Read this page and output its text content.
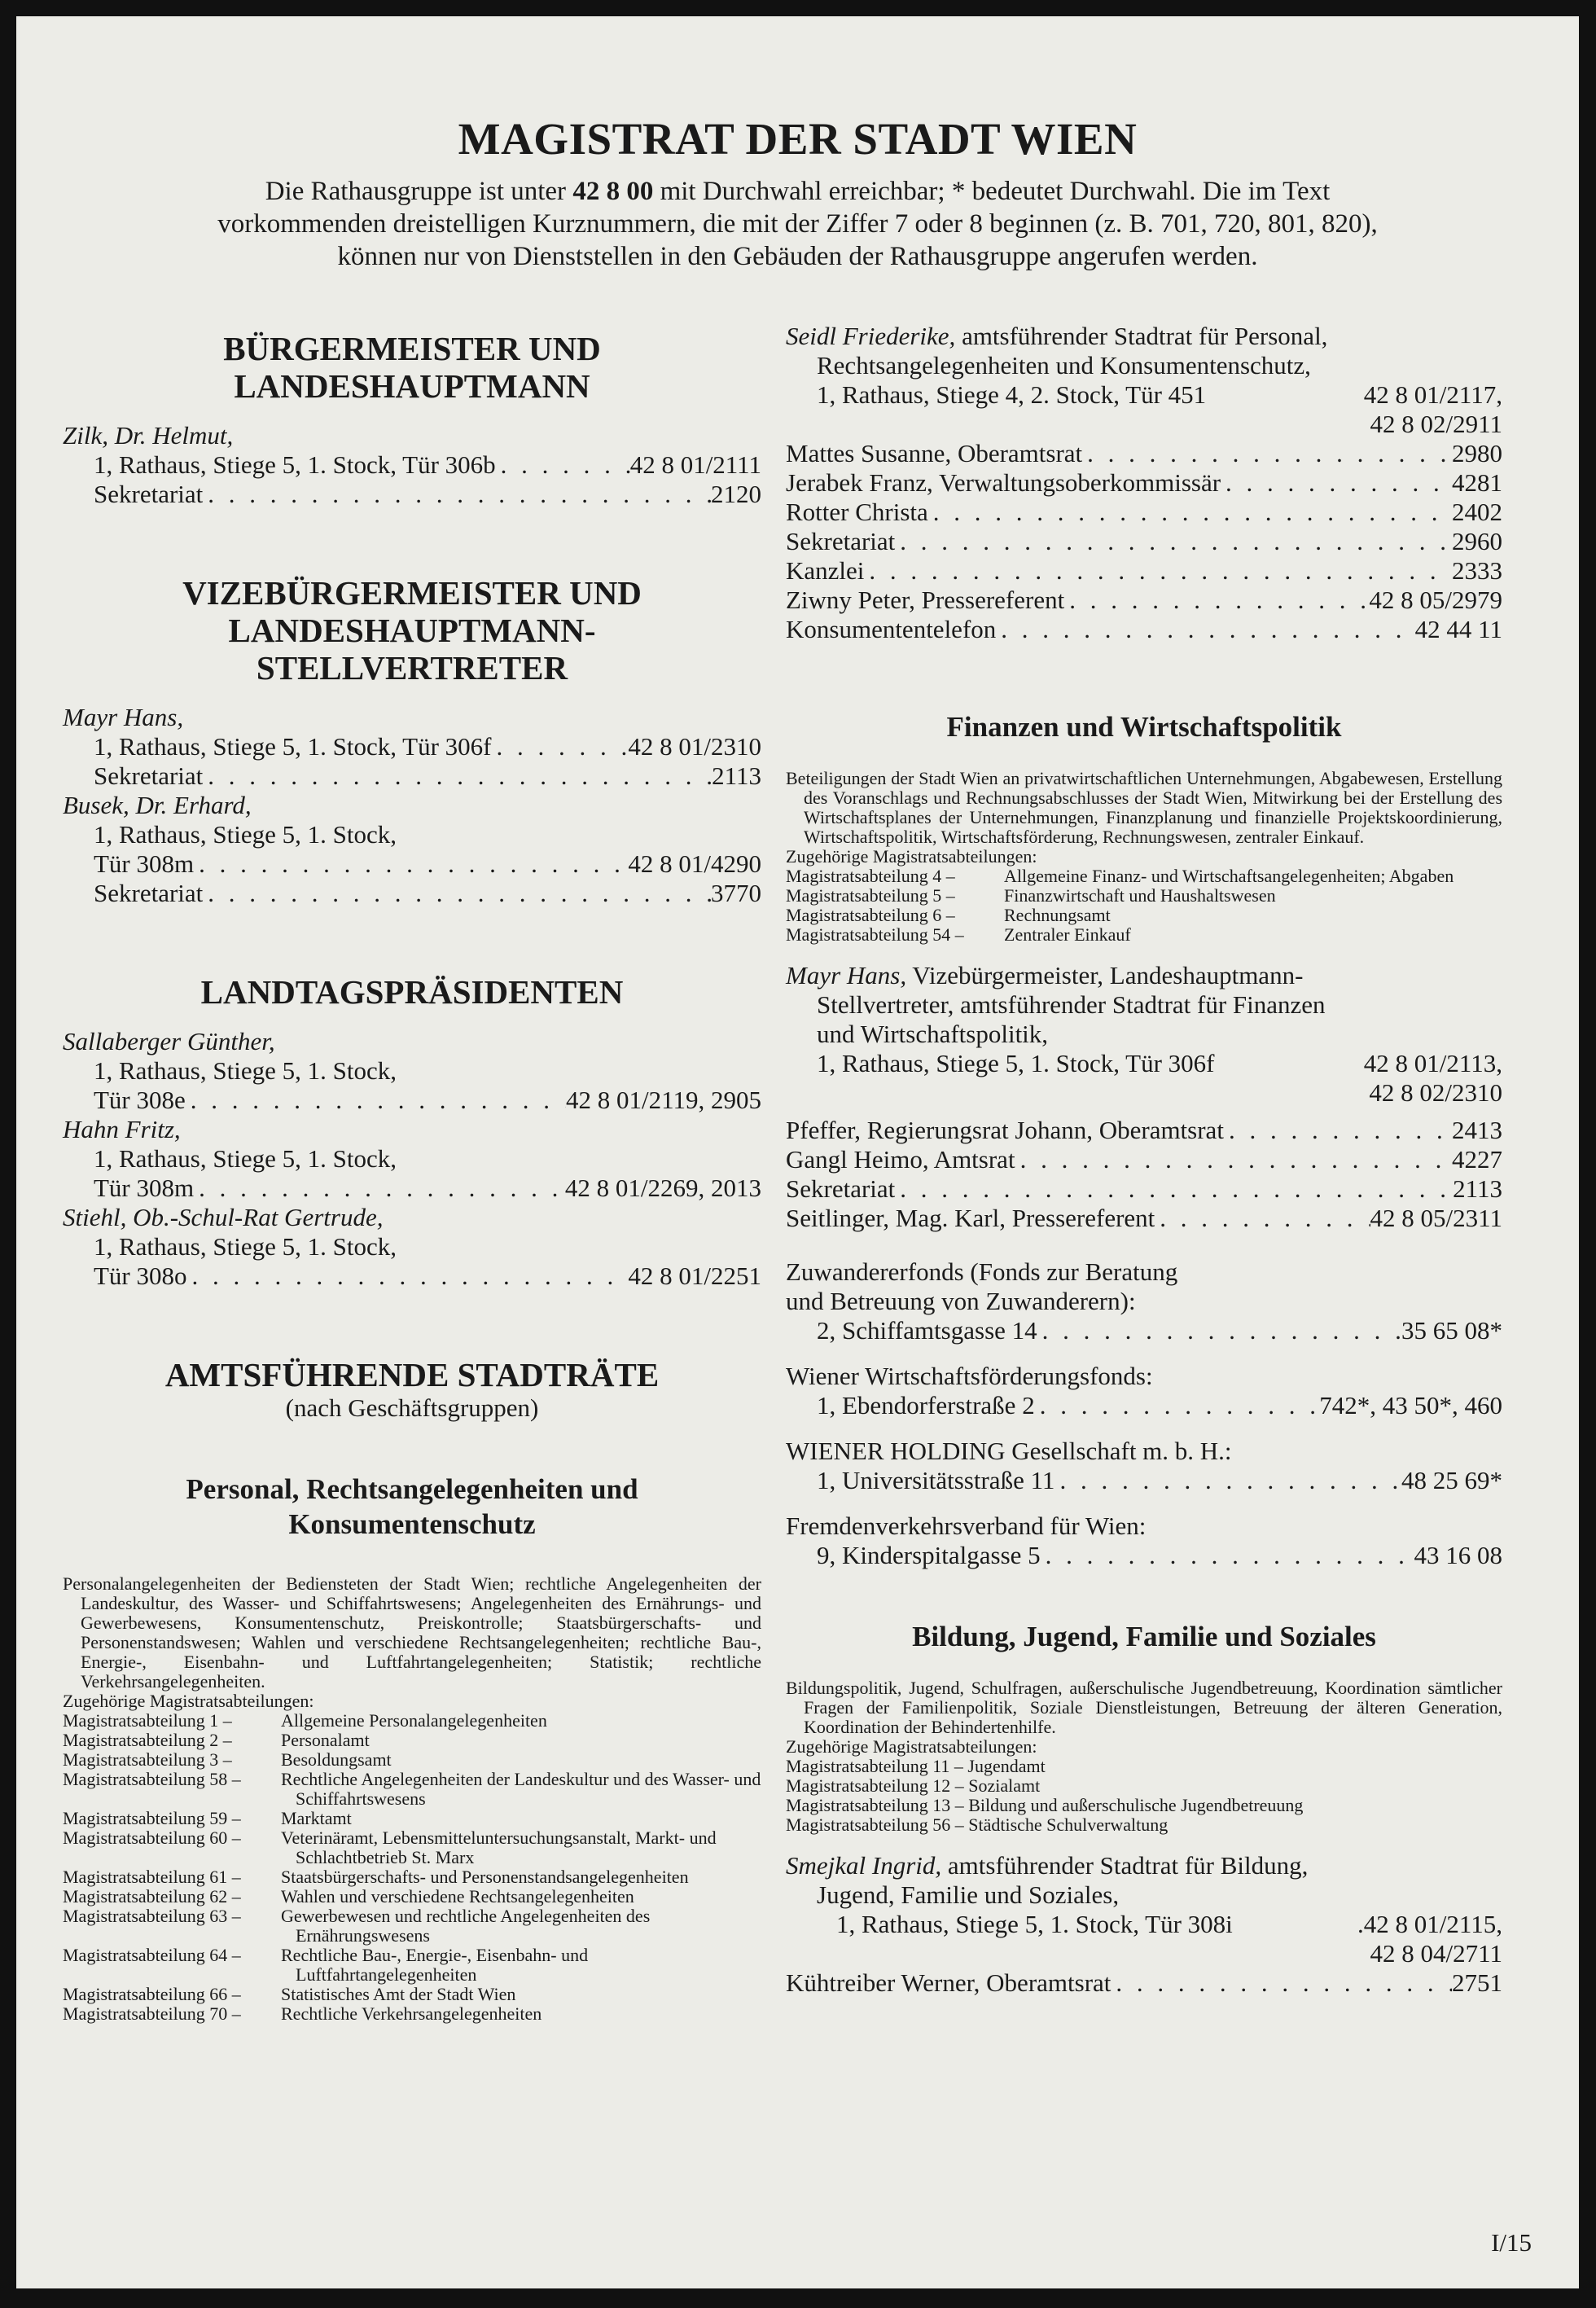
MAGISTRAT DER STADT WIEN
Die Rathausgruppe ist unter 42 8 00 mit Durchwahl erreichbar; * bedeutet Durchwahl. Die im Text vorkommenden dreistelligen Kurznummern, die mit der Ziffer 7 oder 8 beginnen (z. B. 701, 720, 801, 820), können nur von Dienststellen in den Gebäuden der Rathausgruppe angerufen werden.
BÜRGERMEISTER UND
LANDESHAUPTMANN
Zilk, Dr. Helmut,
1, Rathaus, Stiege 5, 1. Stock, Tür 306b . . .	42 8 01/2111
Sekretariat . . .	2120
VIZEBÜRGERMEISTER UND
LANDESHAUPTMANN-
STELLVERTRETER
Mayr Hans,
1, Rathaus, Stiege 5, 1. Stock, Tür 306f . . .	42 8 01/2310
Sekretariat . . .	2113
Busek, Dr. Erhard,
1, Rathaus, Stiege 5, 1. Stock,
Tür 308m . . .	42 8 01/4290
Sekretariat . . .	3770
LANDTAGSPRÄSIDENTEN
Sallaberger Günther,
1, Rathaus, Stiege 5, 1. Stock,
Tür 308e . . .	42 8 01/2119, 2905
Hahn Fritz,
1, Rathaus, Stiege 5, 1. Stock,
Tür 308m . . .	42 8 01/2269, 2013
Stiehl, Ob.-Schul-Rat Gertrude,
1, Rathaus, Stiege 5, 1. Stock,
Tür 308o . . .	42 8 01/2251
AMTSFÜHRENDE STADTRÄTE
(nach Geschäftsgruppen)
Personal, Rechtsangelegenheiten und
Konsumentenschutz
Personalangelegenheiten der Bediensteten der Stadt Wien; rechtliche Angelegenheiten der Landeskultur, des Wasser- und Schiffahrtswesens; Angelegenheiten des Ernährungs- und Gewerbewesens, Konsumentenschutz, Preiskontrolle; Staatsbürgerschafts- und Personenstandswesen; Wahlen und verschiedene Rechtsangelegenheiten; rechtliche Bau-, Energie-, Eisenbahn- und Luftfahrtangelegenheiten; Statistik; rechtliche Verkehrsangelegenheiten.
Zugehörige Magistratsabteilungen:
Magistratsabteilung 1 –	Allgemeine Personalangelegenheiten
Magistratsabteilung 2 –	Personalamt
Magistratsabteilung 3 –	Besoldungsamt
Magistratsabteilung 58 –	Rechtliche Angelegenheiten der Landeskultur und des Wasser- und Schiffahrtswesens
Magistratsabteilung 59 –	Marktamt
Magistratsabteilung 60 –	Veterinäramt, Lebensmitteluntersuchungsanstalt, Markt- und Schlachtbetrieb St. Marx
Magistratsabteilung 61 –	Staatsbürgerschafts- und Personenstandsangelegenheiten
Magistratsabteilung 62 –	Wahlen und verschiedene Rechtsangelegenheiten
Magistratsabteilung 63 –	Gewerbewesen und rechtliche Angelegenheiten des Ernährungswesens
Magistratsabteilung 64 –	Rechtliche Bau-, Energie-, Eisenbahn- und Luftfahrtangelegenheiten
Magistratsabteilung 66 –	Statistisches Amt der Stadt Wien
Magistratsabteilung 70 –	Rechtliche Verkehrsangelegenheiten
Seidl Friederike, amtsführender Stadtrat für Personal,
Rechtsangelegenheiten und Konsumentenschutz,
1, Rathaus, Stiege 4, 2. Stock, Tür 451	42 8 01/2117,
42 8 02/2911
Mattes Susanne, Oberamtsrat . . .	2980
Jerabek Franz, Verwaltungsoberkommissär . . .	4281
Rotter Christa . . .	2402
Sekretariat . . .	2960
Kanzlei . . .	2333
Ziwny Peter, Pressereferent . . .	42 8 05/2979
Konsumententelefon . . .	42 44 11
Finanzen und Wirtschaftspolitik
Beteiligungen der Stadt Wien an privatwirtschaftlichen Unternehmungen, Abgabewesen, Erstellung des Voranschlags und Rechnungsabschlusses der Stadt Wien, Mitwirkung bei der Erstellung des Wirtschaftsplanes der Unternehmungen, Finanzplanung und finanzielle Projektskoordinierung, Wirtschaftspolitik, Wirtschaftsförderung, Rechnungswesen, zentraler Einkauf.
Zugehörige Magistratsabteilungen:
Magistratsabteilung 4 –	Allgemeine Finanz- und Wirtschaftsangelegenheiten; Abgaben
Magistratsabteilung 5 –	Finanzwirtschaft und Haushaltswesen
Magistratsabteilung 6 –	Rechnungsamt
Magistratsabteilung 54 –	Zentraler Einkauf
Mayr Hans, Vizebürgermeister, Landeshauptmann-
Stellvertreter, amtsführender Stadtrat für Finanzen
und Wirtschaftspolitik,
1, Rathaus, Stiege 5, 1. Stock, Tür 306f	42 8 01/2113,
42 8 02/2310
Pfeffer, Regierungsrat Johann, Oberamtsrat . . .	2413
Gangl Heimo, Amtsrat . . .	4227
Sekretariat . . .	2113
Seitlinger, Mag. Karl, Pressereferent . . .	42 8 05/2311
Zuwandererfonds (Fonds zur Beratung
und Betreuung von Zuwanderern):
2, Schiffamtsgasse 14 . . .	35 65 08*
Wiener Wirtschaftsförderungsfonds:
1, Ebendorferstraße 2 . . .	742*, 43 50*, 460
WIENER HOLDING Gesellschaft m. b. H.:
1, Universitätsstraße 11 . . .	48 25 69*
Fremdenverkehrsverband für Wien:
9, Kinderspitalgasse 5 . . .	43 16 08
Bildung, Jugend, Familie und Soziales
Bildungspolitik, Jugend, Schulfragen, außerschulische Jugendbetreuung, Koordination sämtlicher Fragen der Familienpolitik, Soziale Dienstleistungen, Betreuung der älteren Generation, Koordination der Behindertenhilfe.
Zugehörige Magistratsabteilungen:
Magistratsabteilung 11 – Jugendamt
Magistratsabteilung 12 – Sozialamt
Magistratsabteilung 13 – Bildung und außerschulische Jugendbetreuung
Magistratsabteilung 56 – Städtische Schulverwaltung
Smejkal Ingrid, amtsführender Stadtrat für Bildung,
Jugend, Familie und Soziales,
1, Rathaus, Stiege 5, 1. Stock, Tür 308i	.42 8 01/2115,
42 8 04/2711
Kühtreiber Werner, Oberamtsrat . . .	2751
I/15
